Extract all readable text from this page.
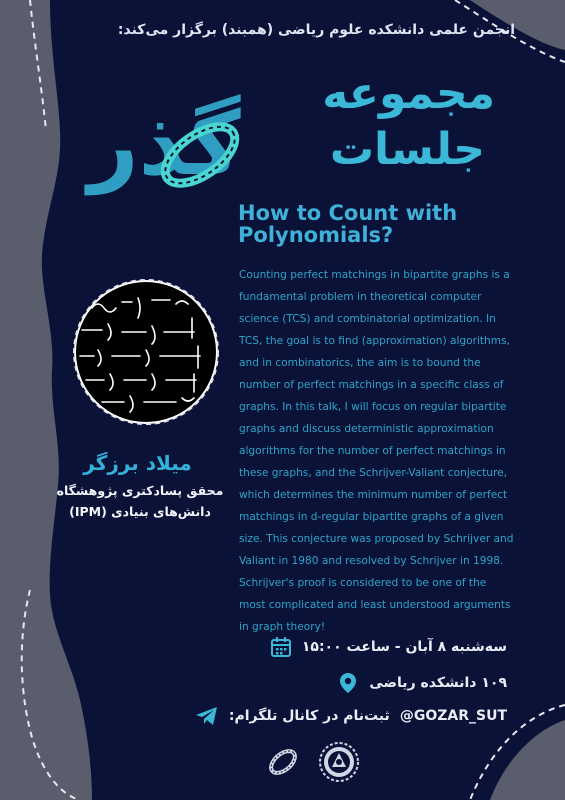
انجمن علمی دانشکده علوم ریاضی (همبند) برگزار می‌کند:
مجموعه
جلسات
گذر
How to Count with
Polynomials?
Counting perfect matchings in bipartite graphs is a
fundamental problem in theoretical computer
science (TCS) and combinatorial optimization. In
TCS, the goal is to find (approximation) algorithms,
and in combinatorics, the aim is to bound the
number of perfect matchings in a specific class of
graphs. In this talk, I will focus on regular bipartite
graphs and discuss deterministic approximation
algorithms for the number of perfect matchings in
these graphs, and the Schrijver-Valiant conjecture,
which determines the minimum number of perfect
matchings in d-regular bipartite graphs of a given
size. This conjecture was proposed by Schrijver and
Valiant in 1980 and resolved by Schrijver in 1998.
Schrijver's proof is considered to be one of the
most complicated and least understood arguments
in graph theory!
میلاد برزگر
محقق پسادکتری پژوهشگاه
دانش‌های بنیادی (IPM)
سه‌شنبه ۸ آبان - ساعت ۱۵:۰۰
۱۰۹ دانشکده ریاضی
ثبت‌نام در کانال تلگرام: @GOZAR_SUT
